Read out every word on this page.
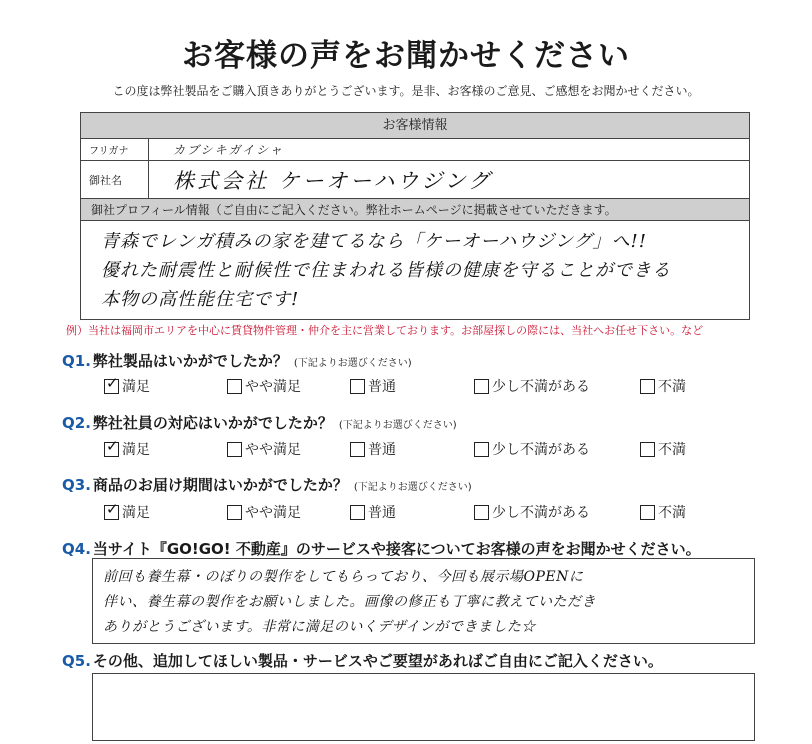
お客様の声をお聞かせください
この度は弊社製品をご購入頂きありがとうございます。是非、お客様のご意見、ご感想をお聞かせください。
お客様情報
フリガナ	カブシキガイシャ
御社名	株式会社 ケーオーハウジング
御社プロフィール情報（ご自由にご記入ください。弊社ホームページに掲載させていただきます。
青森でレンガ積みの家を建てるなら「ケーオーハウジング」へ!!
優れた耐震性と耐候性で住まわれる皆様の健康を守ることができる
本物の高性能住宅です!
例）当社は福岡市エリアを中心に賃貸物件管理・仲介を主に営業しております。お部屋探しの際には、当社へお任せ下さい。など
Q1. 弊社製品はいかがでしたか？ (下記よりお選びください)
✓ 満足	やや満足	普通	少し不満がある	不満
Q2. 弊社社員の対応はいかがでしたか？ (下記よりお選びください)
✓ 満足	やや満足	普通	少し不満がある	不満
Q3. 商品のお届け期間はいかがでしたか？ (下記よりお選びください)
✓ 満足	やや満足	普通	少し不満がある	不満
Q4. 当サイト『GO!GO! 不動産』のサービスや接客についてお客様の声をお聞かせください。
前回も養生幕・のぼりの製作をしてもらっており、今回も展示場OPENに
伴い、養生幕の製作をお願いしました。画像の修正も丁寧に教えていただき
ありがとうございます。非常に満足のいくデザインができました☆
Q5. その他、追加してほしい製品・サービスやご要望があればご自由にご記入ください。
